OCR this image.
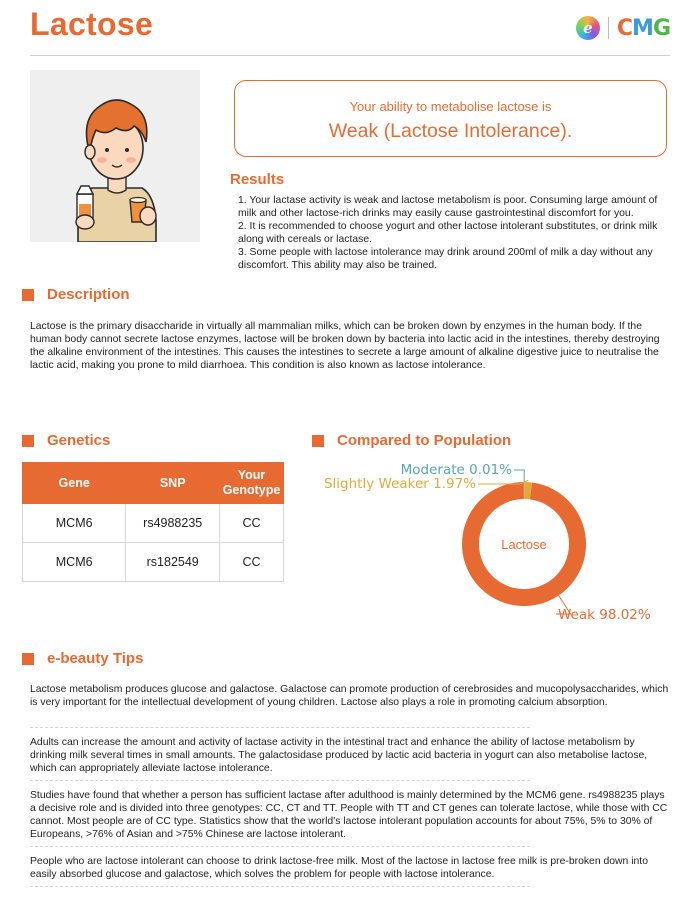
Lactose	e	CMG
Your ability to metabolise lactose is
Weak (Lactose Intolerance).
Results

1. Your lactase activity is weak and lactose metabolism is poor. Consuming large amount of milk and other lactose-rich drinks may easily cause gastrointestinal discomfort for you.

2. It is recommended to choose yogurt and other lactose intolerant substitutes, or drink milk along with cereals or lactase.

3. Some people with lactose intolerance may drink around 200ml of milk a day without any discomfort. This ability may also be trained.

Description
Lactose is the primary disaccharide in virtually all mammalian milks, which can be broken down by enzymes in the human body. If the human body cannot secrete lactose enzymes, lactose will be broken down by bacteria into lactic acid in the intestines, thereby destroying the alkaline environment of the intestines. This causes the intestines to secrete a large amount of alkaline digestive juice to neutralise the lactic acid, making you prone to mild diarrhoea. This condition is also known as lactose intolerance.
Genetics
Gene	SNP	Your Genotype
MCM6	rs4988235	CC
MCM6	rs182549	CC
Compared to Population
Lactose
Moderate 0.01%
Slightly Weaker 1.97%
Weak 98.02%
e-beauty Tips
Lactose metabolism produces glucose and galactose. Galactose can promote production of cerebrosides and mucopolysaccharides, which is very important for the intellectual development of young children. Lactose also plays a role in promoting calcium absorption.
Adults can increase the amount and activity of lactase activity in the intestinal tract and enhance the ability of lactose metabolism by drinking milk several times in small amounts. The galactosidase produced by lactic acid bacteria in yogurt can also metabolise lactose, which can appropriately alleviate lactose intolerance.
Studies have found that whether a person has sufficient lactase after adulthood is mainly determined by the MCM6 gene. rs4988235 plays a decisive role and is divided into three genotypes: CC, CT and TT. People with TT and CT genes can tolerate lactose, while those with CC cannot. Most people are of CC type. Statistics show that the world's lactose intolerant population accounts for about 75%, 5% to 30% of Europeans, >76% of Asian and >75% Chinese are lactose intolerant.
People who are lactose intolerant can choose to drink lactose-free milk. Most of the lactose in lactose free milk is pre-broken down into easily absorbed glucose and galactose, which solves the problem for people with lactose intolerance.
